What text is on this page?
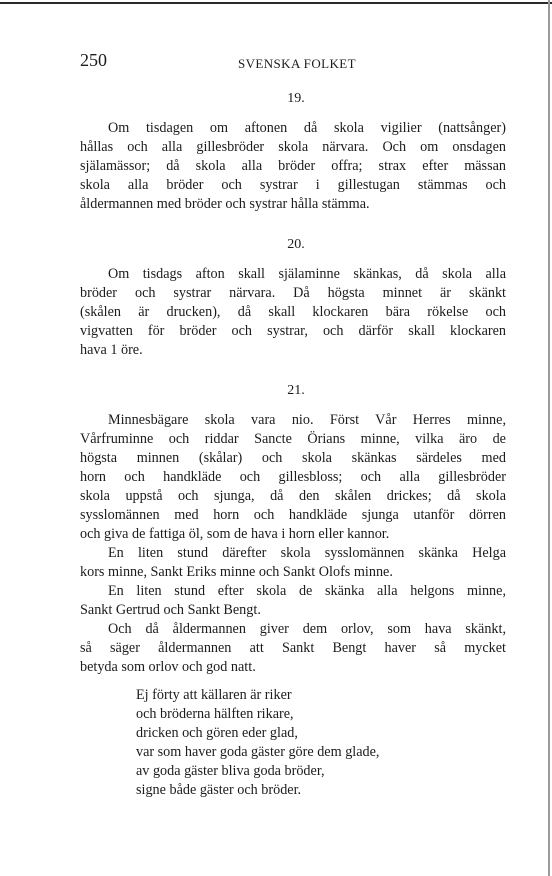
250	SVENSKA FOLKET
19.
Om tisdagen om aftonen då skola vigilier (nattsånger)
hållas och alla gillesbröder skola närvara. Och om onsdagen
själamässor; då skola alla bröder offra; strax efter mässan
skola alla bröder och systrar i gillestugan stämmas och
åldermannen med bröder och systrar hålla stämma.
20.
Om tisdags afton skall själaminne skänkas, då skola alla
bröder och systrar närvara. Då högsta minnet är skänkt
(skålen är drucken), då skall klockaren bära rökelse och
vigvatten för bröder och systrar, och därför skall klockaren
hava 1 öre.
21.
Minnesbägare skola vara nio. Först Vår Herres minne,
Vårfruminne och riddar Sancte Örians minne, vilka äro de
högsta minnen (skålar) och skola skänkas särdeles med
horn och handkläde och gillesbloss; och alla gillesbröder
skola uppstå och sjunga, då den skålen drickes; då skola
sysslomännen med horn och handkläde sjunga utanför dörren
och giva de fattiga öl, som de hava i horn eller kannor.
En liten stund därefter skola sysslomännen skänka Helga
kors minne, Sankt Eriks minne och Sankt Olofs minne.
En liten stund efter skola de skänka alla helgons minne,
Sankt Gertrud och Sankt Bengt.
Och då åldermannen giver dem orlov, som hava skänkt,
så säger åldermannen att Sankt Bengt haver så mycket
betyda som orlov och god natt.
Ej förty att källaren är riker
och bröderna hälften rikare,
dricken och gören eder glad,
var som haver goda gäster göre dem glade,
av goda gäster bliva goda bröder,
signe både gäster och bröder.
